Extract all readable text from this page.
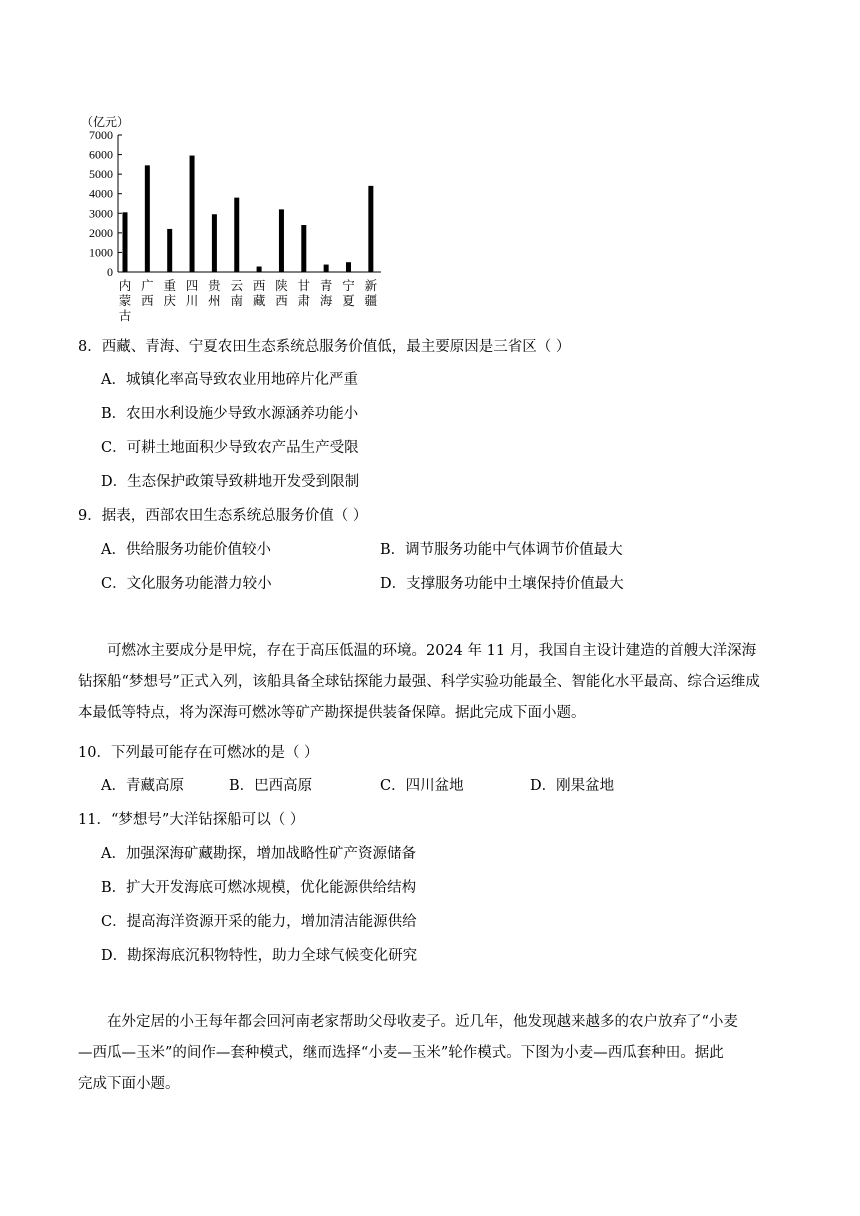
（亿元）
7000
6000
5000
4000
3000
2000
1000
0
内蒙古
广西
重庆
四川
贵州
云南
西藏
陕西
甘肃
青海
宁夏
新疆
8．西藏、青海、宁夏农田生态系统总服务价值低，最主要原因是三省区（ ）
A．城镇化率高导致农业用地碎片化严重
B．农田水利设施少导致水源涵养功能小
C．可耕土地面积少导致农产品生产受限
D．生态保护政策导致耕地开发受到限制
9．据表，西部农田生态系统总服务价值（ ）
A．供给服务功能价值较小	B．调节服务功能中气体调节价值最大
C．文化服务功能潜力较小	D．支撑服务功能中土壤保持价值最大
可燃冰主要成分是甲烷，存在于高压低温的环境。2024 年 11 月，我国自主设计建造的首艘大洋深海
钻探船“梦想号”正式入列，该船具备全球钻探能力最强、科学实验功能最全、智能化水平最高、综合运维成
本最低等特点，将为深海可燃冰等矿产勘探提供装备保障。据此完成下面小题。
10．下列最可能存在可燃冰的是（ ）
A．青藏高原	B．巴西高原	C．四川盆地	D．刚果盆地
11．“梦想号”大洋钻探船可以（ ）
A．加强深海矿藏勘探，增加战略性矿产资源储备
B．扩大开发海底可燃冰规模，优化能源供给结构
C．提高海洋资源开采的能力，增加清洁能源供给
D．勘探海底沉积物特性，助力全球气候变化研究
在外定居的小王每年都会回河南老家帮助父母收麦子。近几年，他发现越来越多的农户放弃了“小麦
—西瓜—玉米”的间作—套种模式，继而选择“小麦—玉米”轮作模式。下图为小麦—西瓜套种田。据此
完成下面小题。
